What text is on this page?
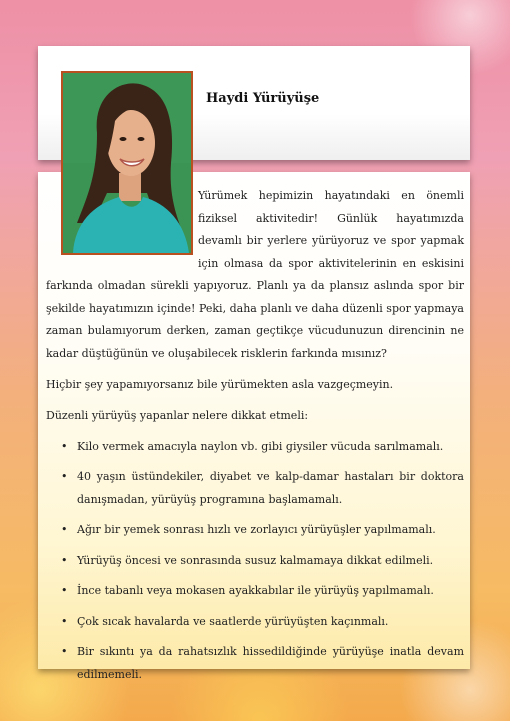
Haydi Yürüyüşe

Yürümek hepimizin hayatındaki en önemli fiziksel aktivitedir! Günlük hayatımızda devamlı bir yerlere yürüyoruz ve spor yapmak için olmasa da spor aktivitelerinin en eskisini farkında olmadan sürekli yapıyoruz. Planlı ya da plansız aslında spor bir şekilde hayatımızın içinde! Peki, daha planlı ve daha düzenli spor yapmaya zaman bulamıyorum derken, zaman geçtikçe vücudunuzun direncinin ne kadar düştüğünün ve oluşabilecek risklerin farkında mısınız?

Hiçbir şey yapamıyorsanız bile yürümekten asla vazgeçmeyin.

Düzenli yürüyüş yapanlar nelere dikkat etmeli:

• Kilo vermek amacıyla naylon vb. gibi giysiler vücuda sarılmamalı.
• 40 yaşın üstündekiler, diyabet ve kalp-damar hastaları bir doktora danışmadan, yürüyüş programına başlamamalı.
• Ağır bir yemek sonrası hızlı ve zorlayıcı yürüyüşler yapılmamalı.
• Yürüyüş öncesi ve sonrasında susuz kalmamaya dikkat edilmeli.
• İnce tabanlı veya mokasen ayakkabılar ile yürüyüş yapılmamalı.
• Çok sıcak havalarda ve saatlerde yürüyüşten kaçınmalı.
• Bir sıkıntı ya da rahatsızlık hissedildiğinde yürüyüşe inatla devam edilmemeli.
